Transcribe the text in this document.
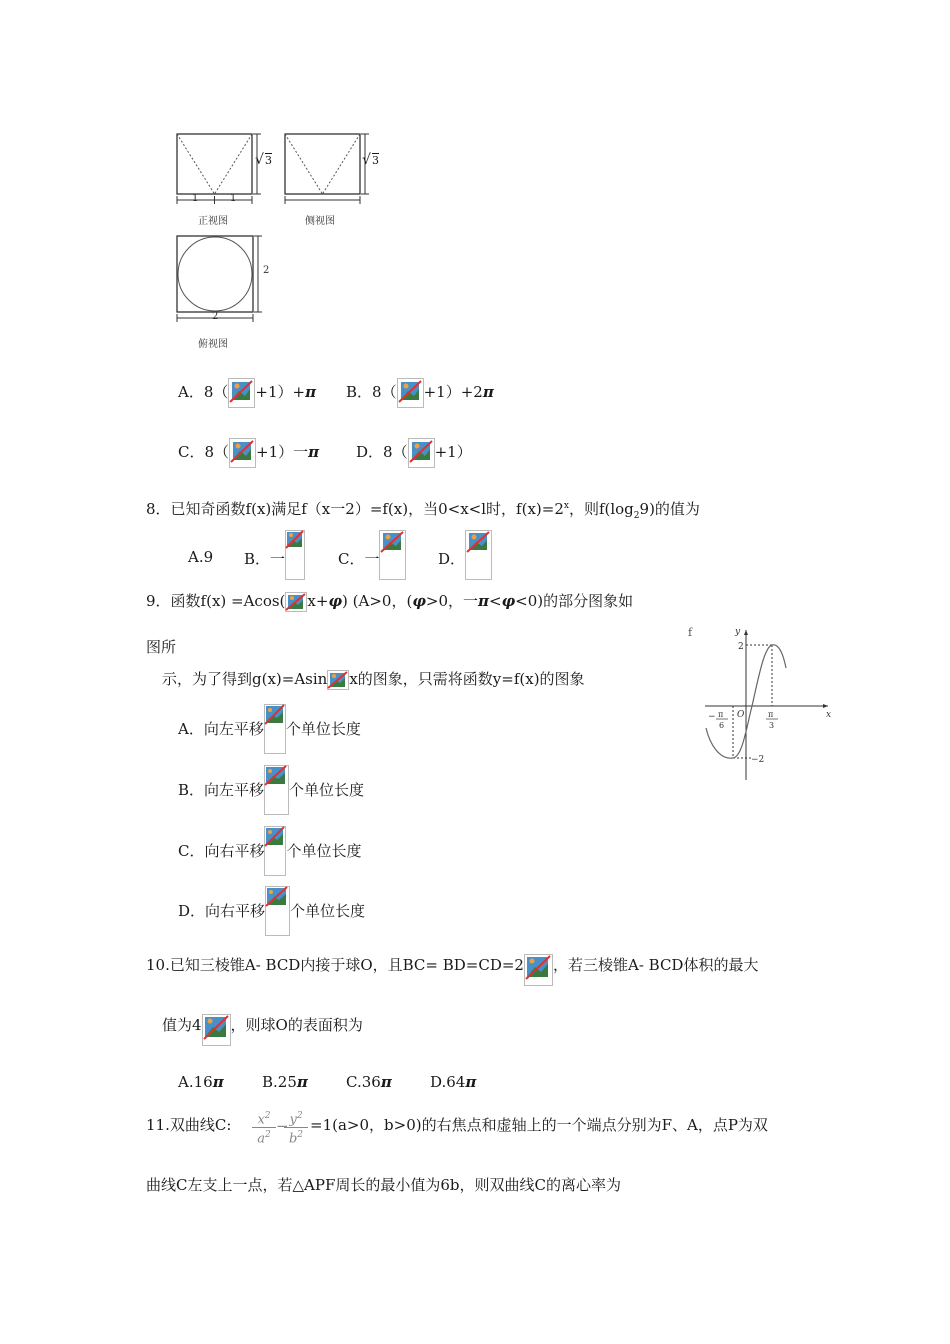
√ 3	√ 3
1	1
正视图	侧视图
2
2
俯视图
A．8（ +1）+π B．8（ +1）+2π
C．8（ +1）一π D．8（ +1）
8．已知奇函数f(x)满足f（x一2）=f(x)，当0<x<l时，$f(x)=2^x$，则$f(\log_29)$的值为
A.9 B．一	C．一	D．
9．函数f(x) =Acos( x+φ) (A>0，(φ>0，一π<φ<0)的部分图象如
图所
示，为了得到g(x)=Asin x的图象，只需将函数y=f(x)的图象
A．向左平移 个单位长度
B．向左平移 个单位长度
C．向右平移 个单位长度
D．向右平移 个单位长度
f	y
x
O
2
−2
− π
6
π
3
10.已知三棱锥A- BCD内接于球O，且BC= BD=CD=2 ，若三棱锥A- BCD体积的最大
值为4 ，则球O的表面积为
A.16π	B.25π	C.36π	D.64π
11.双曲线C:	$x^2$
$a^2$
− $y^2$
$b^2$
=1(a>0，b>0)的右焦点和虚轴上的一个端点分别为F、A，点P为双
曲线C左支上一点，若△APF周长的最小值为6b，则双曲线C的离心率为
